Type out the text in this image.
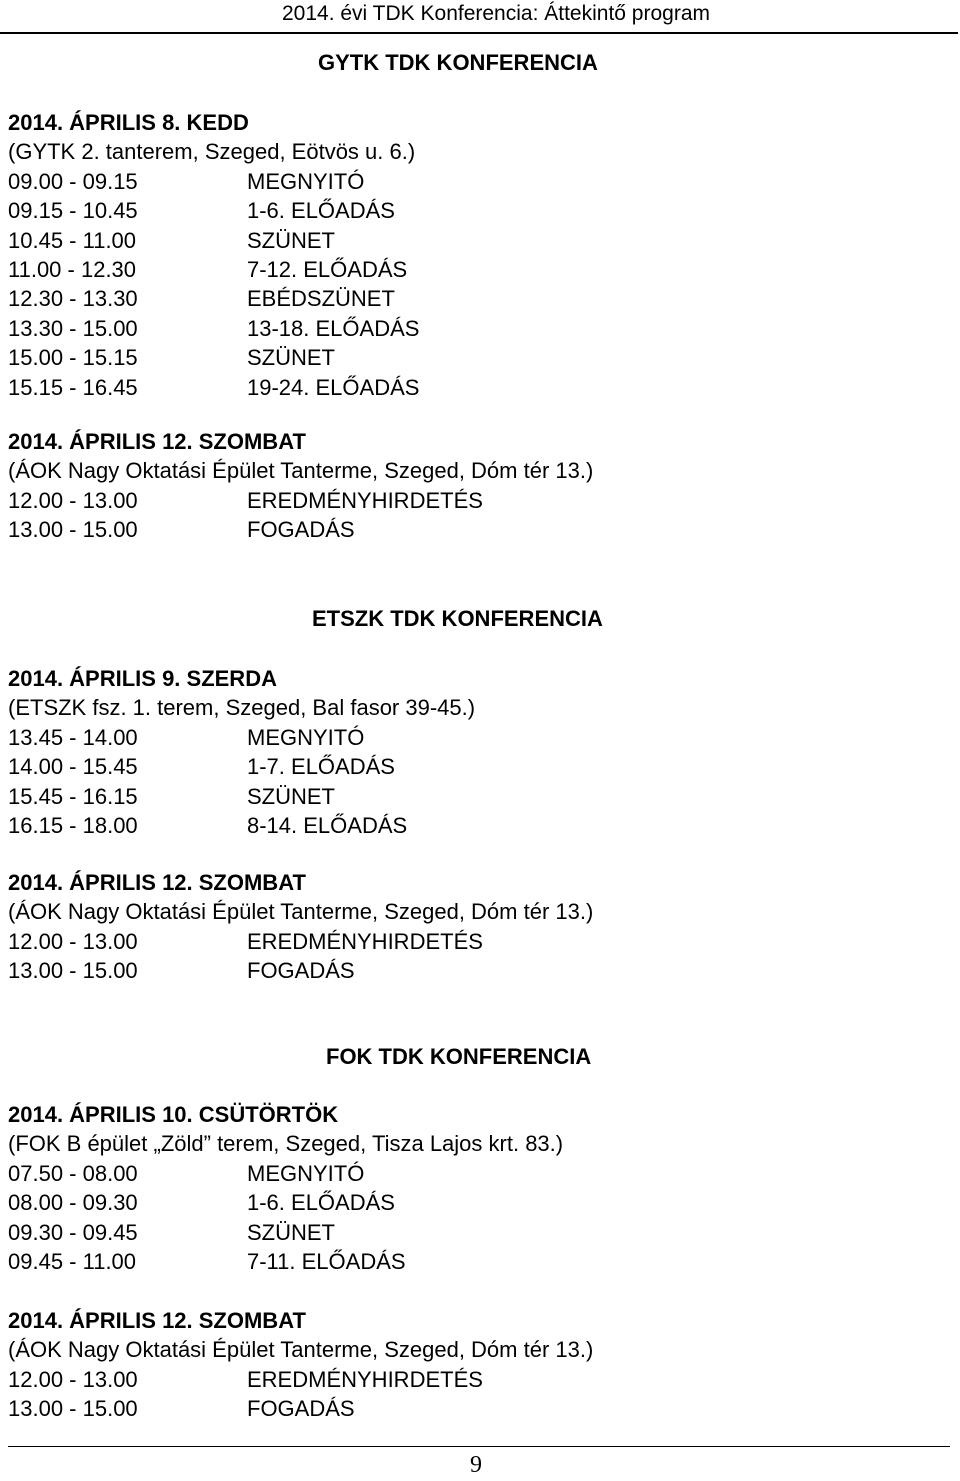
2014. évi TDK Konferencia: Áttekintő program
GYTK TDK KONFERENCIA
2014. ÁPRILIS 8. KEDD
(GYTK 2. tanterem, Szeged, Eötvös u. 6.)
09.00 - 09.15	MEGNYITÓ
09.15 - 10.45	1-6. ELŐADÁS
10.45 - 11.00	SZÜNET
11.00 - 12.30	7-12. ELŐADÁS
12.30 - 13.30	EBÉDSZÜNET
13.30 - 15.00	13-18. ELŐADÁS
15.00 - 15.15	SZÜNET
15.15 - 16.45	19-24. ELŐADÁS
2014. ÁPRILIS 12. SZOMBAT
(ÁOK Nagy Oktatási Épület Tanterme, Szeged, Dóm tér 13.)
12.00 - 13.00	EREDMÉNYHIRDETÉS
13.00 - 15.00	FOGADÁS
ETSZK TDK KONFERENCIA
2014. ÁPRILIS 9. SZERDA
(ETSZK fsz. 1. terem, Szeged, Bal fasor 39-45.)
13.45 - 14.00	MEGNYITÓ
14.00 - 15.45	1-7. ELŐADÁS
15.45 - 16.15	SZÜNET
16.15 - 18.00	8-14. ELŐADÁS
2014. ÁPRILIS 12. SZOMBAT
(ÁOK Nagy Oktatási Épület Tanterme, Szeged, Dóm tér 13.)
12.00 - 13.00	EREDMÉNYHIRDETÉS
13.00 - 15.00	FOGADÁS
FOK TDK KONFERENCIA
2014. ÁPRILIS 10. CSÜTÖRTÖK
(FOK B épület „Zöld” terem, Szeged, Tisza Lajos krt. 83.)
07.50 - 08.00	MEGNYITÓ
08.00 - 09.30	1-6. ELŐADÁS
09.30 - 09.45	SZÜNET
09.45 - 11.00	7-11. ELŐADÁS
2014. ÁPRILIS 12. SZOMBAT
(ÁOK Nagy Oktatási Épület Tanterme, Szeged, Dóm tér 13.)
12.00 - 13.00	EREDMÉNYHIRDETÉS
13.00 - 15.00	FOGADÁS
9
